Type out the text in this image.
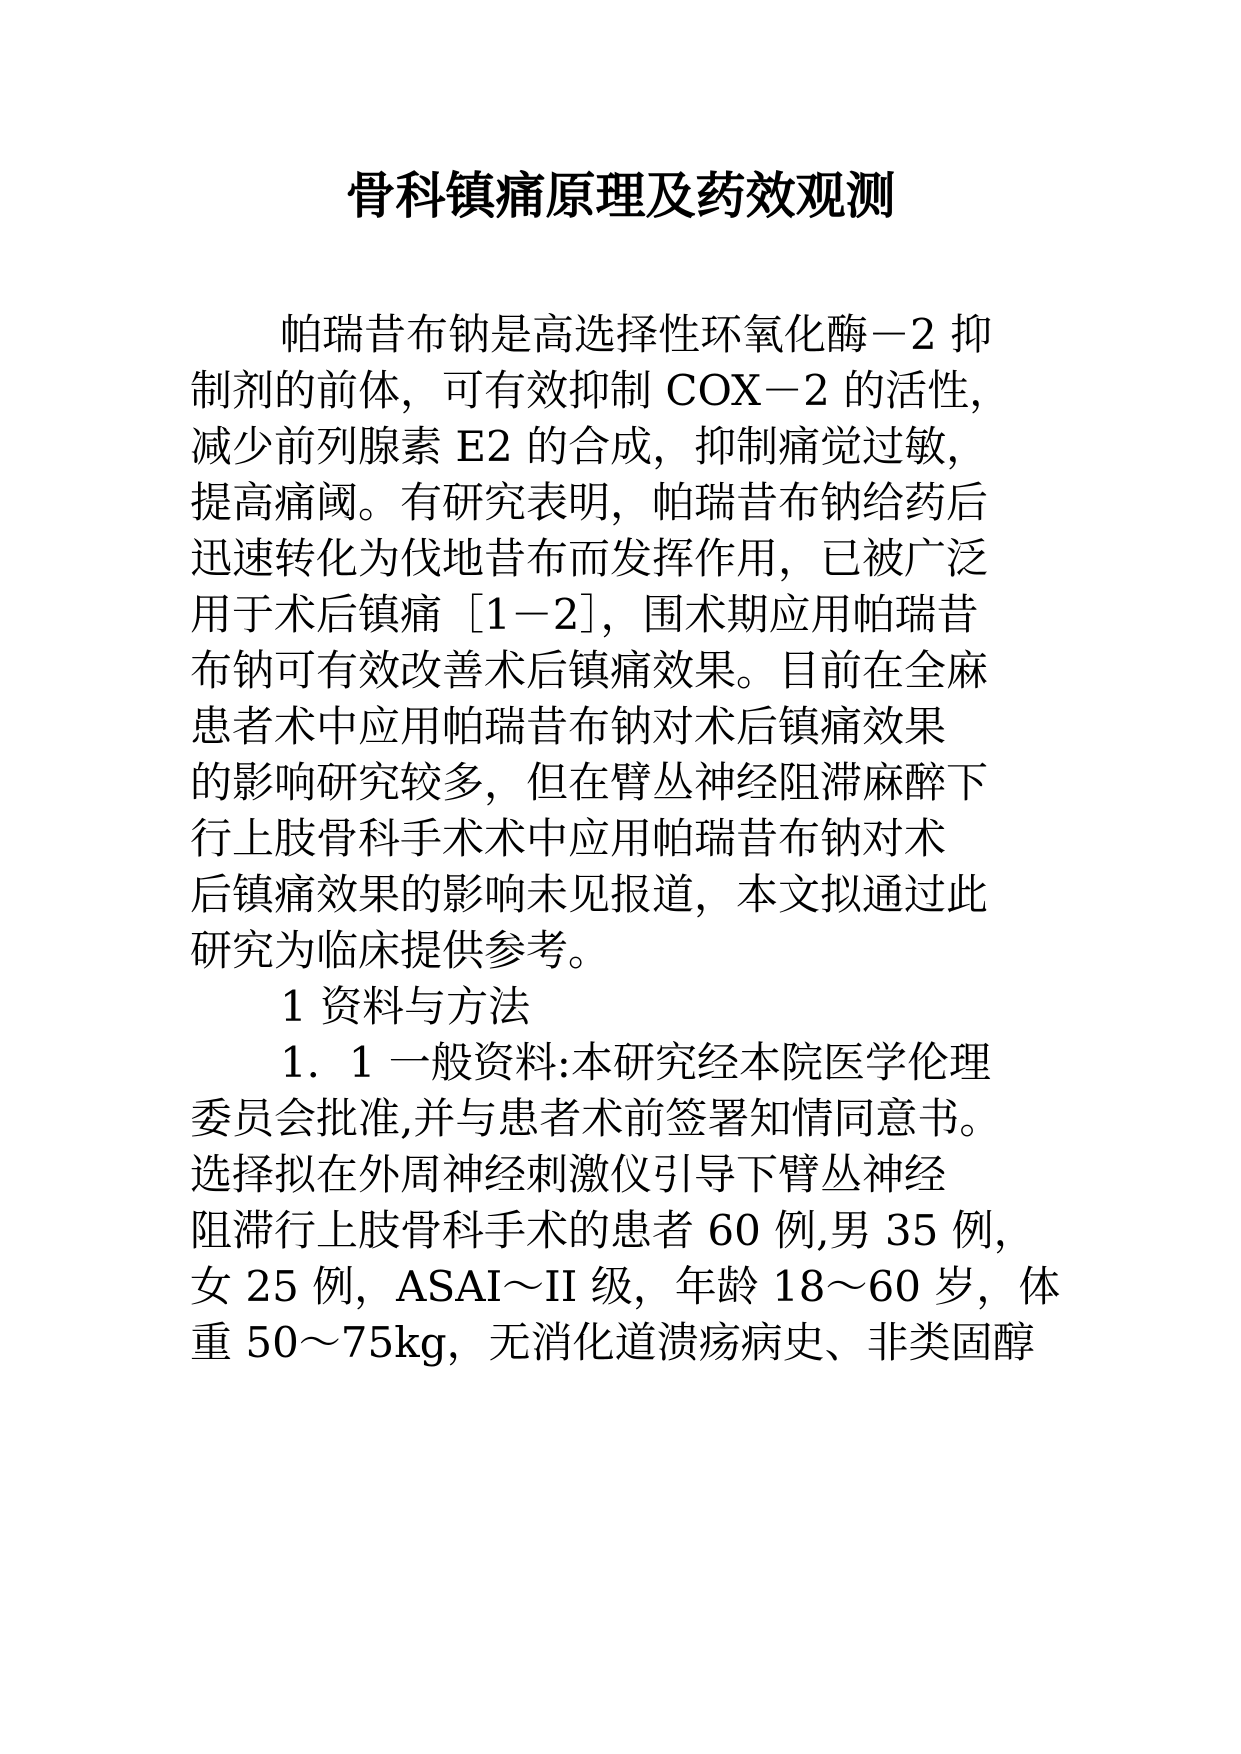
骨科镇痛原理及药效观测
帕瑞昔布钠是高选择性环氧化酶－2 抑
制剂的前体，可有效抑制 COX－2 的活性，
减少前列腺素 E2 的合成，抑制痛觉过敏，
提高痛阈。有研究表明，帕瑞昔布钠给药后
迅速转化为伐地昔布而发挥作用，已被广泛
用于术后镇痛［1－2］，围术期应用帕瑞昔
布钠可有效改善术后镇痛效果。目前在全麻
患者术中应用帕瑞昔布钠对术后镇痛效果
的影响研究较多，但在臂丛神经阻滞麻醉下
行上肢骨科手术术中应用帕瑞昔布钠对术
后镇痛效果的影响未见报道，本文拟通过此
研究为临床提供参考。
1 资料与方法
1．1 一般资料:本研究经本院医学伦理
委员会批准,并与患者术前签署知情同意书。
选择拟在外周神经刺激仪引导下臂丛神经
阻滞行上肢骨科手术的患者 60 例,男 35 例，
女 25 例，ASAI～II 级，年龄 18～60 岁，体
重 50～75kg，无消化道溃疡病史、非类固醇
